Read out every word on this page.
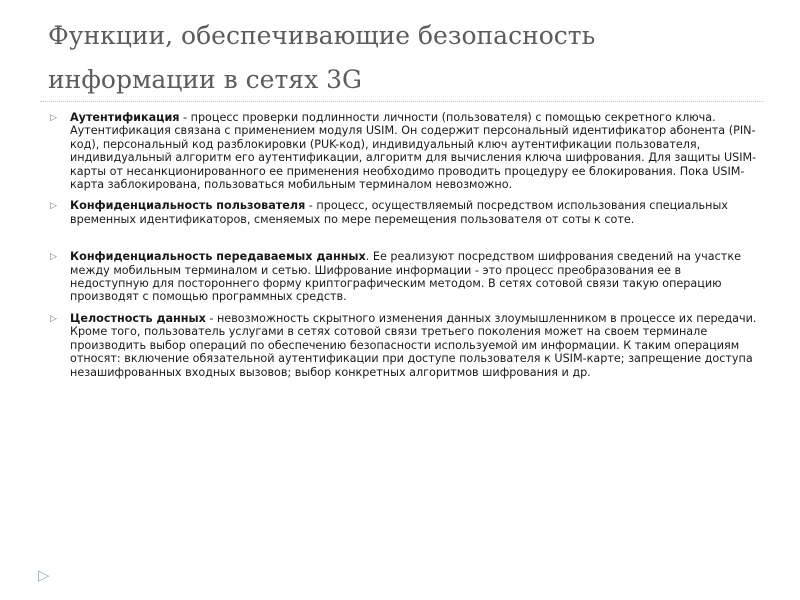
Функции, обеспечивающие безопасность информации в сетях 3G
▷ Аутентификация - процесс проверки подлинности личности (пользователя) с помощью секретного ключа. Аутентификация связана с применением модуля USIM. Он содержит персональный идентификатор абонента (PIN-код), персональный код разблокировки (PUK-код), индивидуальный ключ аутентификации пользователя, индивидуальный алгоритм его аутентификации, алгоритм для вычисления ключа шифрования. Для защиты USIM-карты от несанкционированного ее применения необходимо проводить процедуру ее блокирования. Пока USIM-карта заблокирована, пользоваться мобильным терминалом невозможно.
▷ Конфиденциальность пользователя - процесс, осуществляемый посредством использования специальных временных идентификаторов, сменяемых по мере перемещения пользователя от соты к соте.
▷ Конфиденциальность передаваемых данных. Ее реализуют посредством шифрования сведений на участке между мобильным терминалом и сетью. Шифрование информации - это процесс преобразования ее в недоступную для постороннего форму криптографическим методом. В сетях сотовой связи такую операцию производят с помощью программных средств.
▷ Целостность данных - невозможность скрытного изменения данных злоумышленником в процессе их передачи. Кроме того, пользователь услугами в сетях сотовой связи третьего поколения может на своем терминале производить выбор операций по обеспечению безопасности используемой им информации. К таким операциям относят: включение обязательной аутентификации при доступе пользователя к USIM-карте; запрещение доступа незашифрованных входных вызовов; выбор конкретных алгоритмов шифрования и др.
▷
